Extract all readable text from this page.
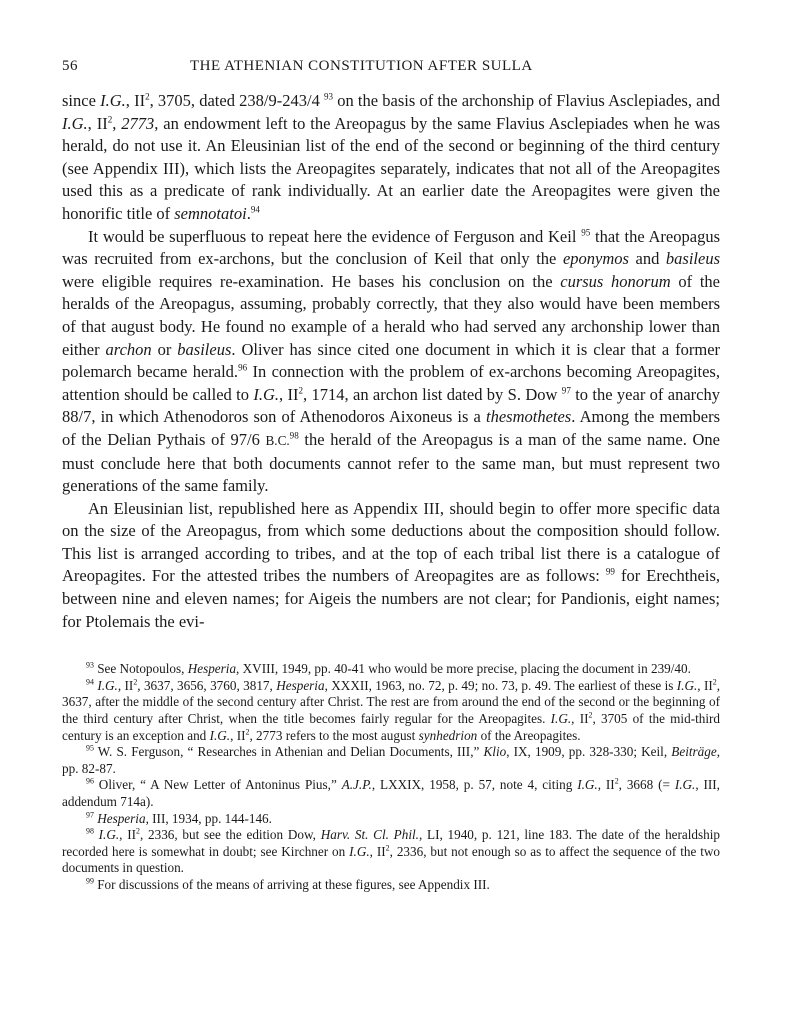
56	THE ATHENIAN CONSTITUTION AFTER SULLA

since I.G., $II^2$, 3705, dated 238/9-243/4 $^{93}$ on the basis of the archonship of Flavius Asclepiades, and I.G., $II^2$, 2773, an endowment left to the Areopagus by the same Flavius Asclepiades when he was herald, do not use it. An Eleusinian list of the end of the second or beginning of the third century (see Appendix III), which lists the Areopagites separately, indicates that not all of the Areopagites used this as a predicate of rank individually. At an earlier date the Areopagites were given the honorific title of semnotatoi.$^{94}$

It would be superfluous to repeat here the evidence of Ferguson and Keil $^{95}$ that the Areopagus was recruited from ex-archons, but the conclusion of Keil that only the eponymos and basileus were eligible requires re-examination. He bases his conclusion on the cursus honorum of the heralds of the Areopagus, assuming, probably correctly, that they also would have been members of that august body. He found no example of a herald who had served any archonship lower than either archon or basileus. Oliver has since cited one document in which it is clear that a former polemarch became herald.$^{96}$ In connection with the problem of ex-archons becoming Areopagites, attention should be called to I.G., $II^2$, 1714, an archon list dated by S. Dow $^{97}$ to the year of anarchy 88/7, in which Athenodoros son of Athenodoros Aixoneus is a thesmothetes. Among the members of the Delian Pythais of 97/6 B.C.$^{98}$ the herald of the Areopagus is a man of the same name. One must conclude here that both documents cannot refer to the same man, but must represent two generations of the same family.

An Eleusinian list, republished here as Appendix III, should begin to offer more specific data on the size of the Areopagus, from which some deductions about the composition should follow. This list is arranged according to tribes, and at the top of each tribal list there is a catalogue of Areopagites. For the attested tribes the numbers of Areopagites are as follows: $^{99}$ for Erechtheis, between nine and eleven names; for Aigeis the numbers are not clear; for Pandionis, eight names; for Ptolemais the evi-

$^{93}$ See Notopoulos, Hesperia, XVIII, 1949, pp. 40-41 who would be more precise, placing the document in 239/40.

$^{94}$ I.G., $II^2$, 3637, 3656, 3760, 3817, Hesperia, XXXII, 1963, no. 72, p. 49; no. 73, p. 49. The earliest of these is I.G., $II^2$, 3637, after the middle of the second century after Christ. The rest are from around the end of the second or the beginning of the third century after Christ, when the title becomes fairly regular for the Areopagites. I.G., $II^2$, 3705 of the mid-third century is an exception and I.G., $II^2$, 2773 refers to the most august synhedrion of the Areopagites.

$^{95}$ W. S. Ferguson, “ Researches in Athenian and Delian Documents, III,” Klio, IX, 1909, pp. 328-330; Keil, Beiträge, pp. 82-87.

$^{96}$ Oliver, “ A New Letter of Antoninus Pius,” A.J.P., LXXIX, 1958, p. 57, note 4, citing I.G., $II^2$, 3668 (= I.G., III, addendum 714a).

$^{97}$ Hesperia, III, 1934, pp. 144-146.

$^{98}$ I.G., $II^2$, 2336, but see the edition Dow, Harv. St. Cl. Phil., LI, 1940, p. 121, line 183. The date of the heraldship recorded here is somewhat in doubt; see Kirchner on I.G., $II^2$, 2336, but not enough so as to affect the sequence of the two documents in question.

$^{99}$ For discussions of the means of arriving at these figures, see Appendix III.
